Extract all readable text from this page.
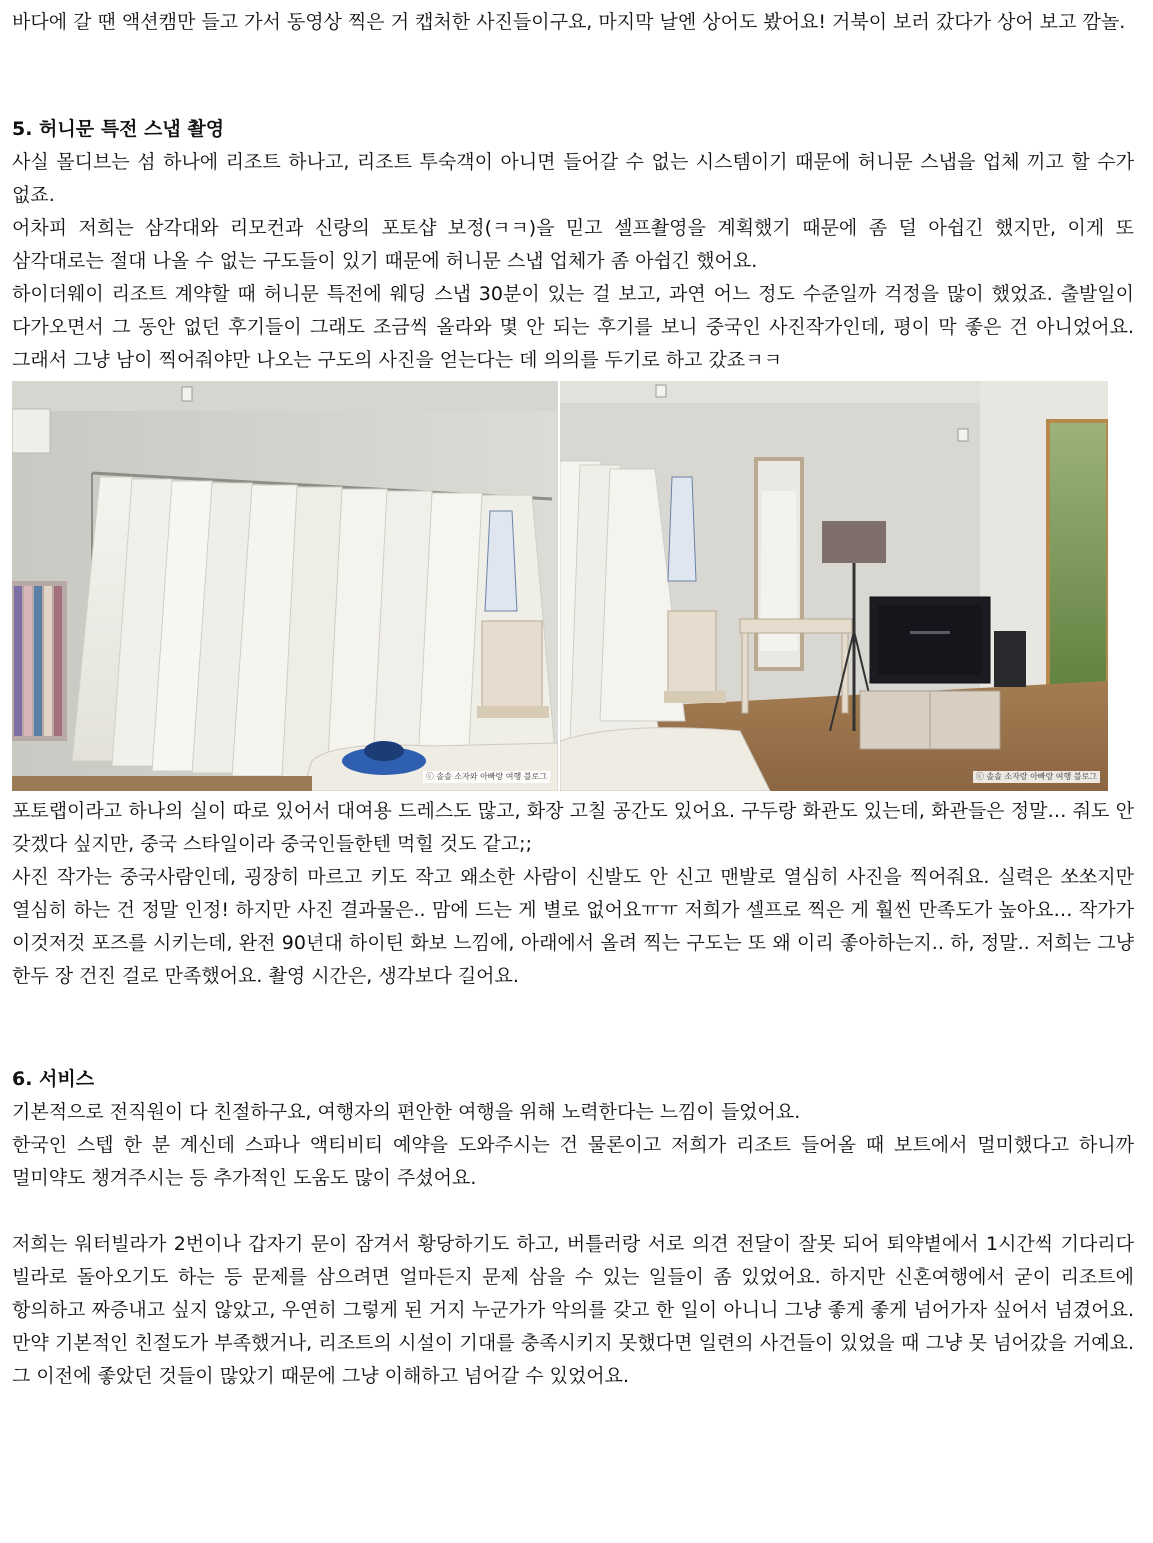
바다에 갈 땐 액션캠만 들고 가서 동영상 찍은 거 캡처한 사진들이구요, 마지막 날엔 상어도 봤어요! 거북이 보러 갔다가 상어 보고 깜놀.

5. 허니문 특전 스냅 촬영

사실 몰디브는 섬 하나에 리조트 하나고, 리조트 투숙객이 아니면 들어갈 수 없는 시스템이기 때문에 허니문 스냅을 업체 끼고 할 수가 없죠.

어차피 저희는 삼각대와 리모컨과 신랑의 포토샵 보정(ㅋㅋ)을 믿고 셀프촬영을 계획했기 때문에 좀 덜 아쉽긴 했지만, 이게 또 삼각대로는 절대 나올 수 없는 구도들이 있기 때문에 허니문 스냅 업체가 좀 아쉽긴 했어요.

하이더웨이 리조트 계약할 때 허니문 특전에 웨딩 스냅 30분이 있는 걸 보고, 과연 어느 정도 수준일까 걱정을 많이 했었죠. 출발일이 다가오면서 그 동안 없던 후기들이 그래도 조금씩 올라와 몇 안 되는 후기를 보니 중국인 사진작가인데, 평이 막 좋은 건 아니었어요. 그래서 그냥 남이 찍어줘야만 나오는 구도의 사진을 얻는다는 데 의의를 두기로 하고 갔죠ㅋㅋ

ⓒ 솔솔 소자와 아빠랑 여행 블로그	ⓒ 솔솔 소자랑 아빠랑 여행 블로그

포토랩이라고 하나의 실이 따로 있어서 대여용 드레스도 많고, 화장 고칠 공간도 있어요. 구두랑 화관도 있는데, 화관들은 정말… 줘도 안 갖겠다 싶지만, 중국 스타일이라 중국인들한텐 먹힐 것도 같고;;

사진 작가는 중국사람인데, 굉장히 마르고 키도 작고 왜소한 사람이 신발도 안 신고 맨발로 열심히 사진을 찍어줘요. 실력은 쏘쏘지만 열심히 하는 건 정말 인정! 하지만 사진 결과물은.. 맘에 드는 게 별로 없어요ㅠㅠ 저희가 셀프로 찍은 게 훨씬 만족도가 높아요… 작가가 이것저것 포즈를 시키는데, 완전 90년대 하이틴 화보 느낌에, 아래에서 올려 찍는 구도는 또 왜 이리 좋아하는지.. 하, 정말.. 저희는 그냥 한두 장 건진 걸로 만족했어요. 촬영 시간은, 생각보다 길어요.

6. 서비스

기본적으로 전직원이 다 친절하구요, 여행자의 편안한 여행을 위해 노력한다는 느낌이 들었어요.

한국인 스텝 한 분 계신데 스파나 액티비티 예약을 도와주시는 건 물론이고 저희가 리조트 들어올 때 보트에서 멀미했다고 하니까 멀미약도 챙겨주시는 등 추가적인 도움도 많이 주셨어요.

저희는 워터빌라가 2번이나 갑자기 문이 잠겨서 황당하기도 하고, 버틀러랑 서로 의견 전달이 잘못 되어 퇴약볕에서 1시간씩 기다리다 빌라로 돌아오기도 하는 등 문제를 삼으려면 얼마든지 문제 삼을 수 있는 일들이 좀 있었어요. 하지만 신혼여행에서 굳이 리조트에 항의하고 짜증내고 싶지 않았고, 우연히 그렇게 된 거지 누군가가 악의를 갖고 한 일이 아니니 그냥 좋게 좋게 넘어가자 싶어서 넘겼어요. 만약 기본적인 친절도가 부족했거나, 리조트의 시설이 기대를 충족시키지 못했다면 일련의 사건들이 있었을 때 그냥 못 넘어갔을 거예요. 그 이전에 좋았던 것들이 많았기 때문에 그냥 이해하고 넘어갈 수 있었어요.
